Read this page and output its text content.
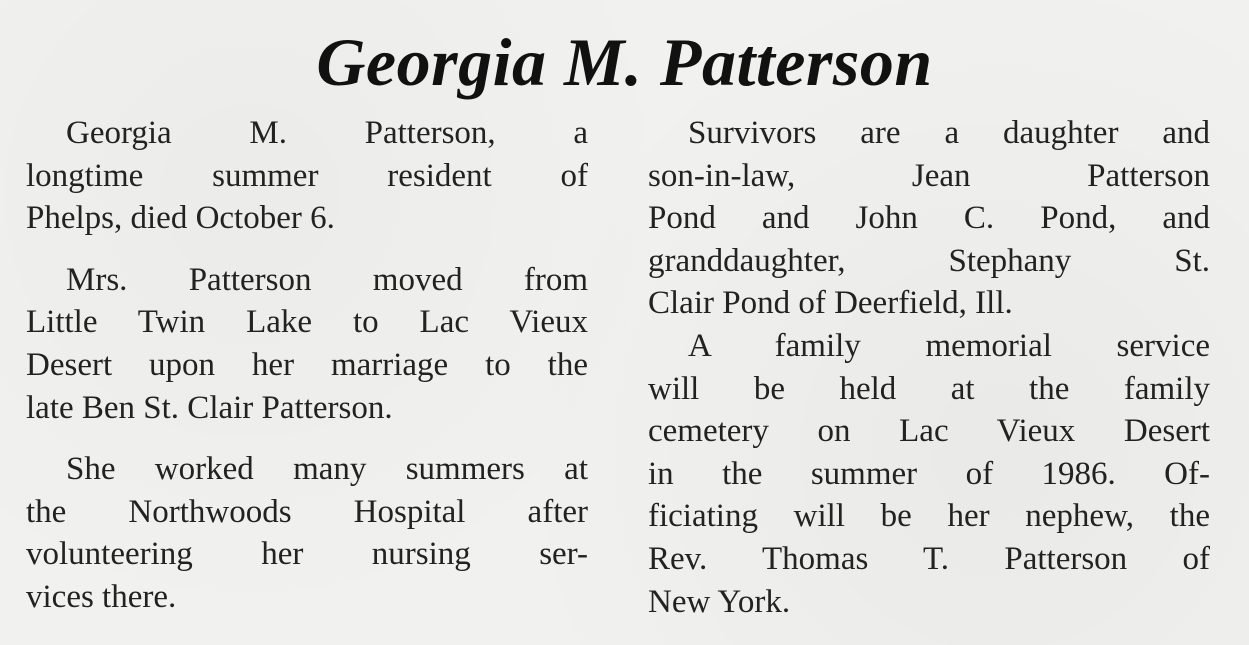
Georgia M. Patterson

Georgia M. Patterson, a
longtime summer resident of
Phelps, died October 6.

Mrs. Patterson moved from
Little Twin Lake to Lac Vieux
Desert upon her marriage to the
late Ben St. Clair Patterson.

She worked many summers at
the Northwoods Hospital after
volunteering her nursing ser-
vices there.

Survivors are a daughter and
son-in-law, Jean Patterson
Pond and John C. Pond, and
granddaughter, Stephany St.
Clair Pond of Deerfield, Ill.

A family memorial service
will be held at the family
cemetery on Lac Vieux Desert
in the summer of 1986. Of-
ficiating will be her nephew, the
Rev. Thomas T. Patterson of
New York.
